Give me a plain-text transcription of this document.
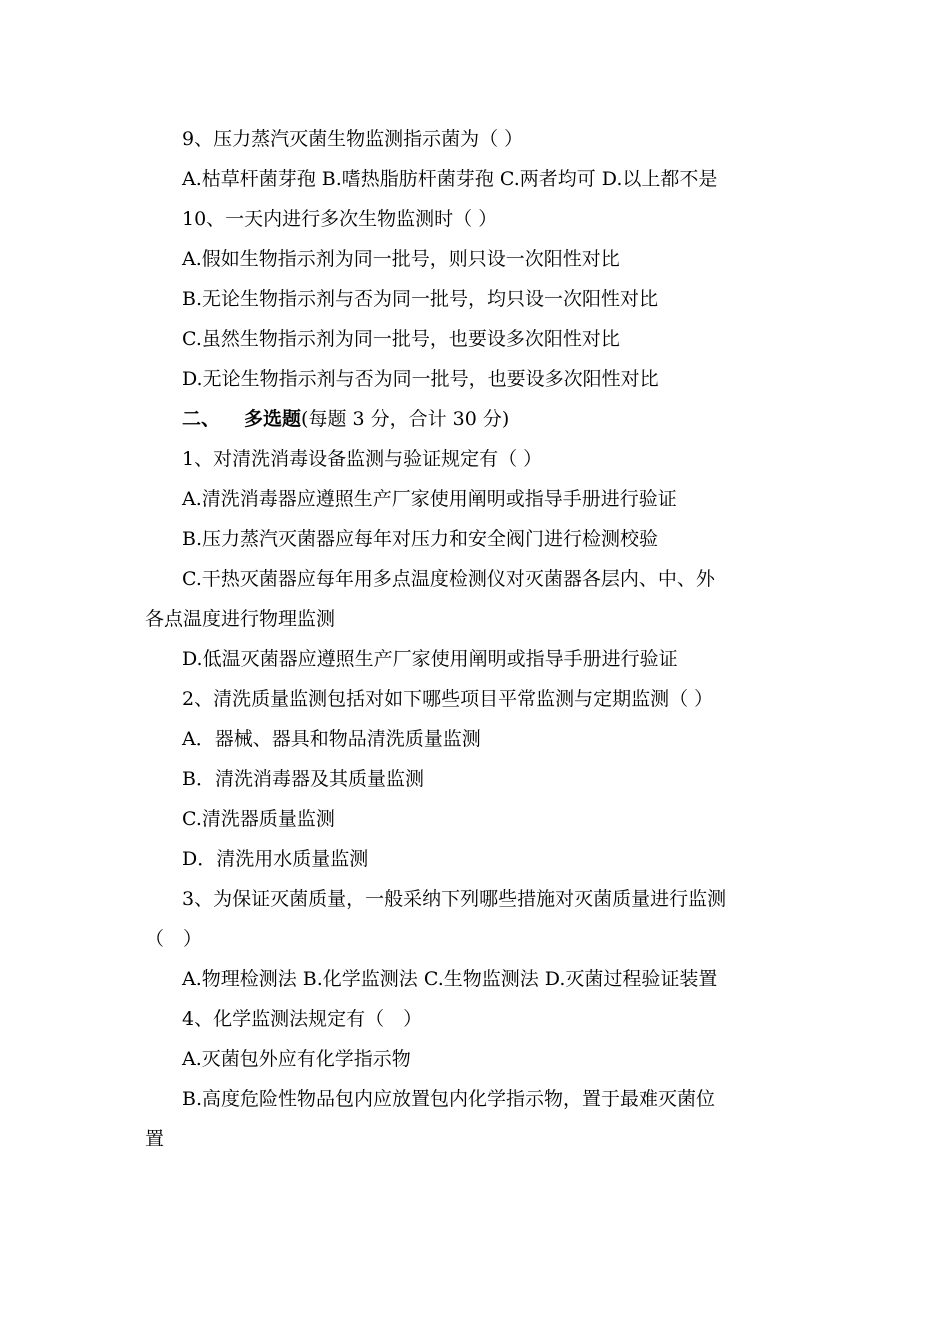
9、压力蒸汽灭菌生物监测指示菌为（ ）
A.枯草杆菌芽孢 B.嗜热脂肪杆菌芽孢 C.两者均可 D.以上都不是
10、一天内进行多次生物监测时（ ）
A.假如生物指示剂为同一批号，则只设一次阳性对比
B.无论生物指示剂与否为同一批号，均只设一次阳性对比
C.虽然生物指示剂为同一批号，也要设多次阳性对比
D.无论生物指示剂与否为同一批号，也要设多次阳性对比
二、 多选题(每题 3 分，合计 30 分)
1、对清洗消毒设备监测与验证规定有（ ）
A.清洗消毒器应遵照生产厂家使用阐明或指导手册进行验证
B.压力蒸汽灭菌器应每年对压力和安全阀门进行检测校验
C.干热灭菌器应每年用多点温度检测仪对灭菌器各层内、中、外
各点温度进行物理监测
D.低温灭菌器应遵照生产厂家使用阐明或指导手册进行验证
2、清洗质量监测包括对如下哪些项目平常监测与定期监测（ ）
A．器械、器具和物品清洗质量监测
B．清洗消毒器及其质量监测
C.清洗器质量监测
D．清洗用水质量监测
3、为保证灭菌质量，一般采纳下列哪些措施对灭菌质量进行监测
（　）
A.物理检测法 B.化学监测法 C.生物监测法 D.灭菌过程验证装置
4、化学监测法规定有（　）
A.灭菌包外应有化学指示物
B.高度危险性物品包内应放置包内化学指示物，置于最难灭菌位
置
